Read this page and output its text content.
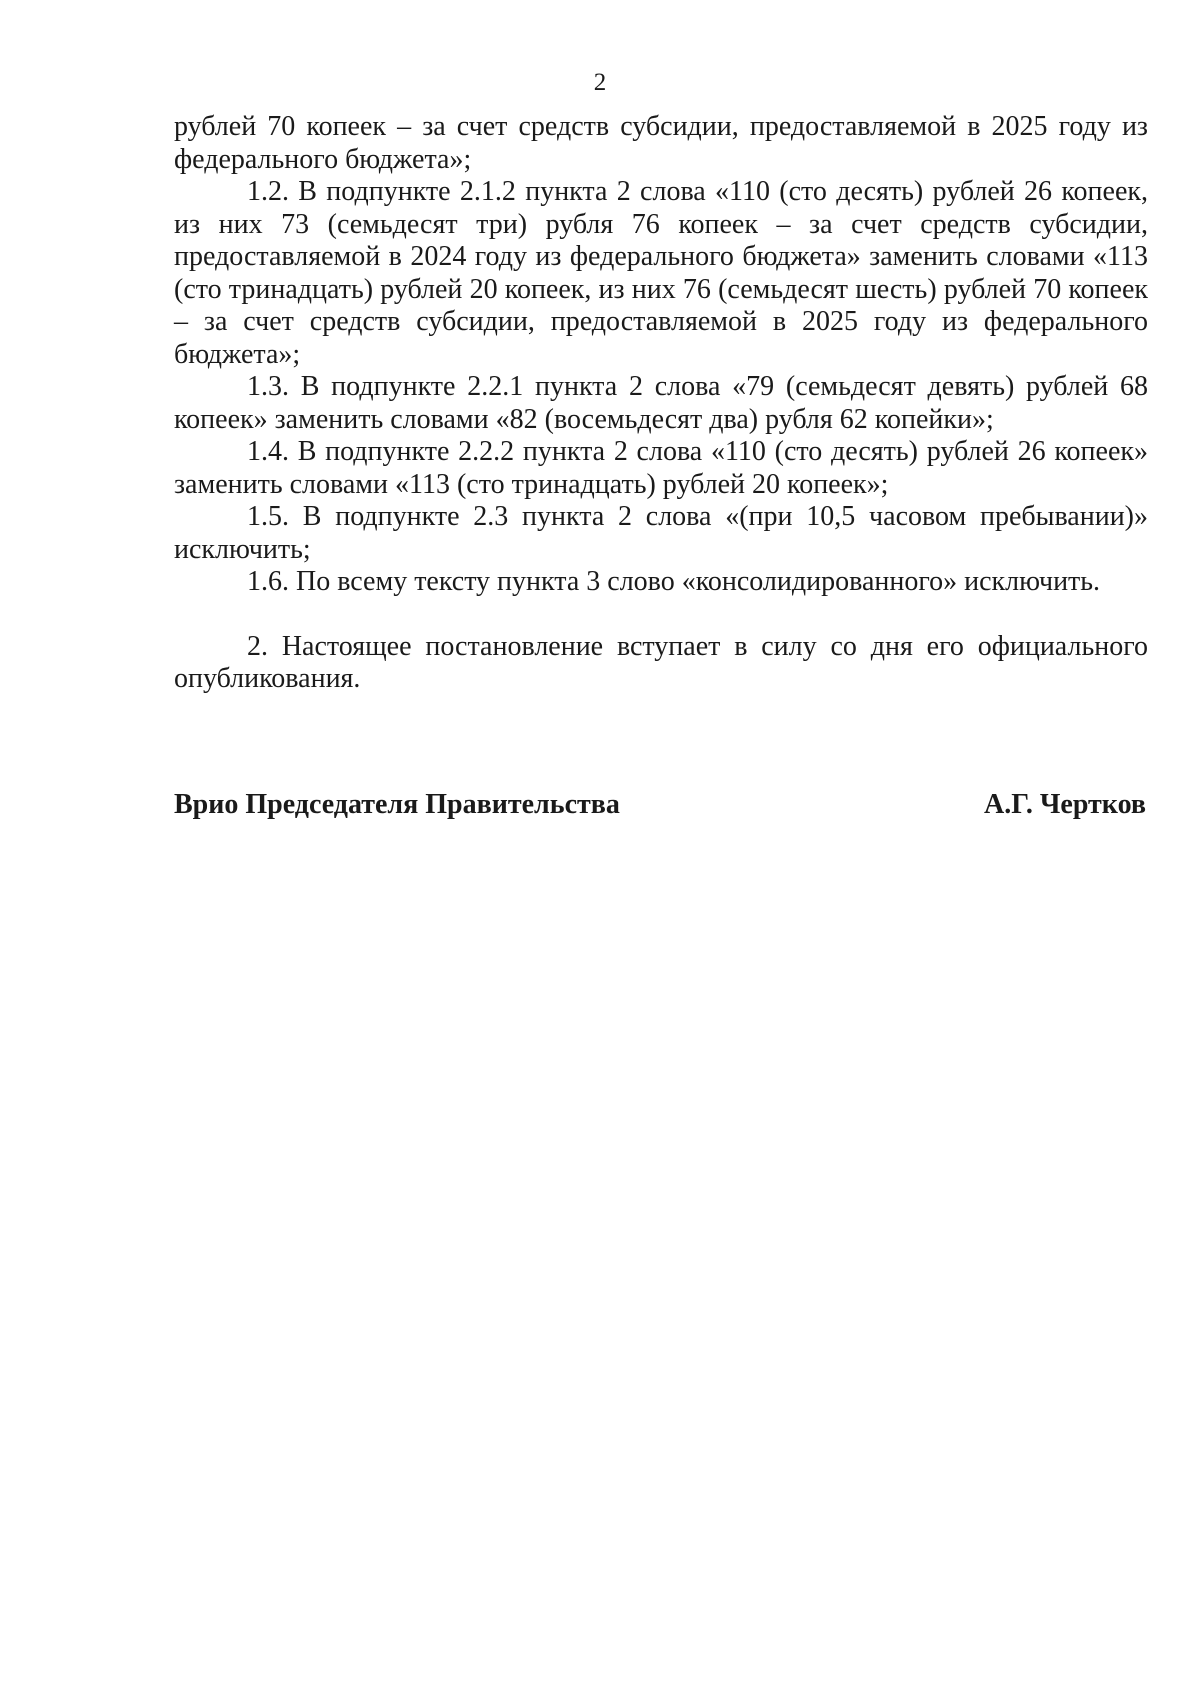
2

рублей 70 копеек – за счет средств субсидии, предоставляемой в 2025 году из федерального бюджета»;

1.2. В подпункте 2.1.2 пункта 2 слова «110 (сто десять) рублей 26 копеек, из них 73 (семьдесят три) рубля 76 копеек – за счет средств субсидии, предоставляемой в 2024 году из федерального бюджета» заменить словами «113 (сто тринадцать) рублей 20 копеек, из них 76 (семьдесят шесть) рублей 70 копеек – за счет средств субсидии, предоставляемой в 2025 году из федерального бюджета»;

1.3. В подпункте 2.2.1 пункта 2 слова «79 (семьдесят девять) рублей 68 копеек» заменить словами «82 (восемьдесят два) рубля 62 копейки»;

1.4. В подпункте 2.2.2 пункта 2 слова «110 (сто десять) рублей 26 копеек» заменить словами «113 (сто тринадцать) рублей 20 копеек»;

1.5. В подпункте 2.3 пункта 2 слова «(при 10,5 часовом пребывании)» исключить;

1.6. По всему тексту пункта 3 слово «консолидированного» исключить.

2. Настоящее постановление вступает в силу со дня его официального опубликования.

Врио Председателя Правительства	А.Г. Чертков
